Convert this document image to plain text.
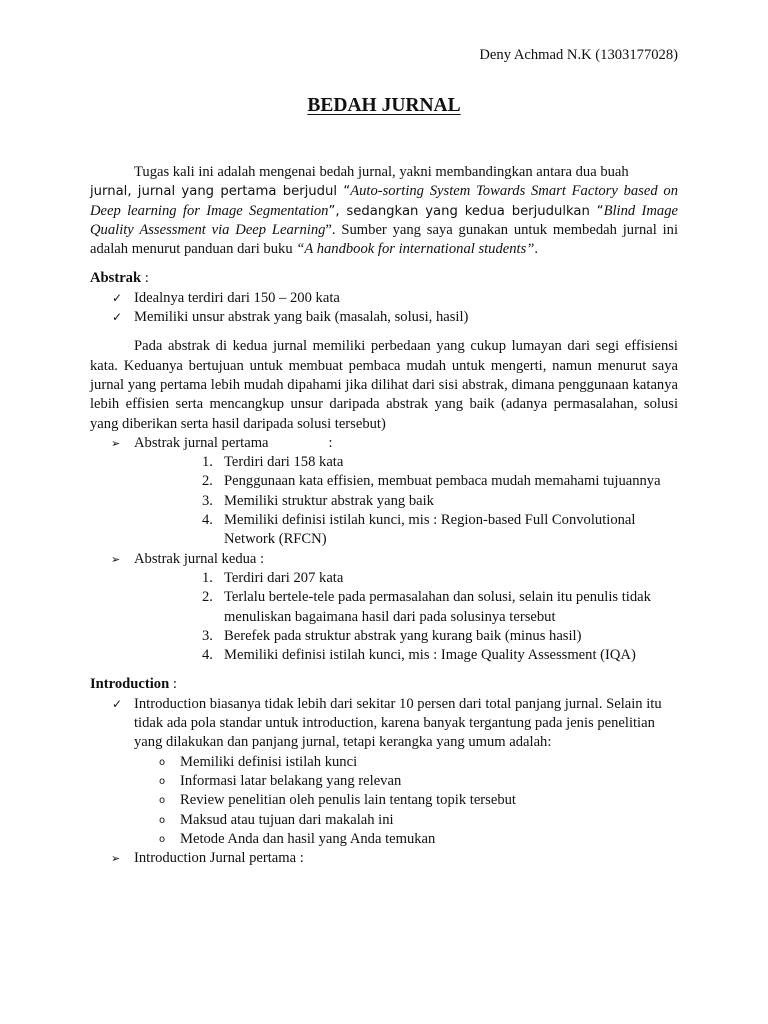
Deny Achmad N.K (1303177028)
BEDAH JURNAL

Tugas kali ini adalah mengenai bedah jurnal, yakni membandingkan antara dua buah
jurnal, jurnal yang pertama berjudul “Auto-sorting System Towards Smart Factory based on Deep learning for Image Segmentation”, sedangkan yang kedua berjudulkan “Blind Image Quality Assessment via Deep Learning”. Sumber yang saya gunakan untuk membedah jurnal ini adalah menurut panduan dari buku “A handbook for international students”.

Abstrak :
✓ Idealnya terdiri dari 150 – 200 kata
✓ Memiliki unsur abstrak yang baik (masalah, solusi, hasil)

Pada abstrak di kedua jurnal memiliki perbedaan yang cukup lumayan dari segi effisiensi kata. Keduanya bertujuan untuk membuat pembaca mudah untuk mengerti, namun menurut saya jurnal yang pertama lebih mudah dipahami jika dilihat dari sisi abstrak, dimana penggunaan katanya lebih effisien serta mencangkup unsur daripada abstrak yang baik (adanya permasalahan, solusi yang diberikan serta hasil daripada solusi tersebut)

➢ Abstrak jurnal pertama	:
1. Terdiri dari 158 kata
2. Penggunaan kata effisien, membuat pembaca mudah memahami tujuannya
3. Memiliki struktur abstrak yang baik
4. Memiliki definisi istilah kunci, mis : Region-based Full Convolutional Network (RFCN)
➢ Abstrak jurnal kedua :
1. Terdiri dari 207 kata
2. Terlalu bertele-tele pada permasalahan dan solusi, selain itu penulis tidak menuliskan bagaimana hasil dari pada solusinya tersebut
3. Berefek pada struktur abstrak yang kurang baik (minus hasil)
4. Memiliki definisi istilah kunci, mis : Image Quality Assessment (IQA)
Introduction :
✓ Introduction biasanya tidak lebih dari sekitar 10 persen dari total panjang jurnal. Selain itu tidak ada pola standar untuk introduction, karena banyak tergantung pada jenis penelitian yang dilakukan dan panjang jurnal, tetapi kerangka yang umum adalah:
o Memiliki definisi istilah kunci
o Informasi latar belakang yang relevan
o Review penelitian oleh penulis lain tentang topik tersebut
o Maksud atau tujuan dari makalah ini
o Metode Anda dan hasil yang Anda temukan
➢ Introduction Jurnal pertama :
